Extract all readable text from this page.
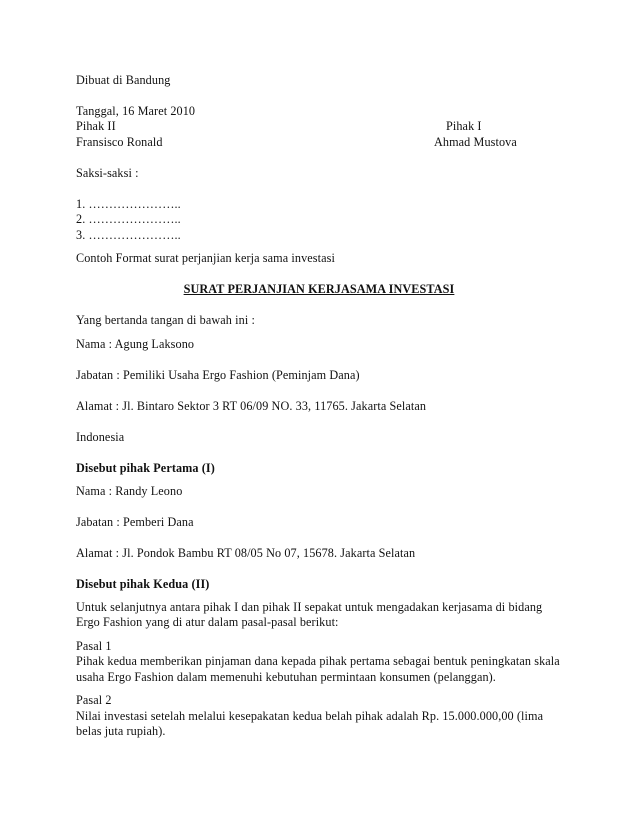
Dibuat di Bandung
Tanggal, 16 Maret 2010
Pihak II	Pihak I
Fransisco Ronald	Ahmad Mustova
Saksi-saksi :
1. …………………..
2. …………………..
3. …………………..
Contoh Format surat perjanjian kerja sama investasi
SURAT PERJANJIAN KERJASAMA INVESTASI
Yang bertanda tangan di bawah ini :
Nama : Agung Laksono
Jabatan : Pemiliki Usaha Ergo Fashion (Peminjam Dana)
Alamat : Jl. Bintaro Sektor 3 RT 06/09 NO. 33, 11765. Jakarta Selatan
Indonesia
Disebut pihak Pertama (I)
Nama : Randy Leono
Jabatan : Pemberi Dana
Alamat : Jl. Pondok Bambu RT 08/05 No 07, 15678. Jakarta Selatan
Disebut pihak Kedua (II)
Untuk selanjutnya antara pihak I dan pihak II sepakat untuk mengadakan kerjasama di bidang
Ergo Fashion yang di atur dalam pasal-pasal berikut:
Pasal 1
Pihak kedua memberikan pinjaman dana kepada pihak pertama sebagai bentuk peningkatan skala
usaha Ergo Fashion dalam memenuhi kebutuhan permintaan konsumen (pelanggan).
Pasal 2
Nilai investasi setelah melalui kesepakatan kedua belah pihak adalah Rp. 15.000.000,00 (lima
belas juta rupiah).
